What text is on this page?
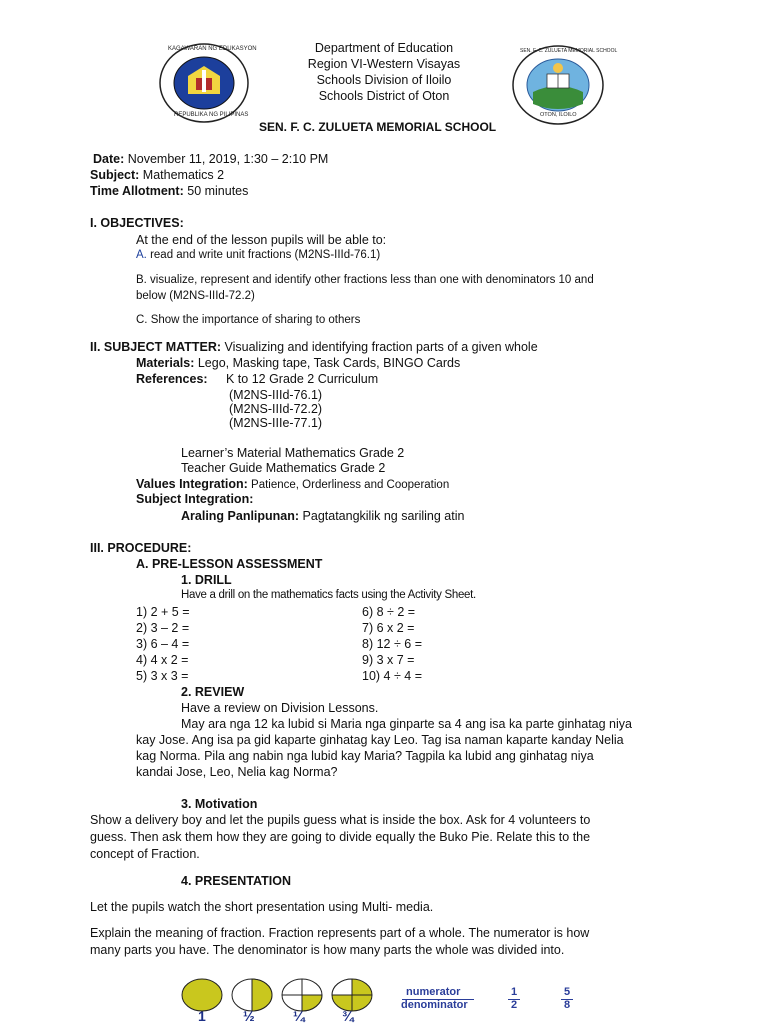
KAGAWARAN NG EDUKASYON
REPUBLIKA NG PILIPINAS
SEN. F. C. ZULUETA MEMORIAL SCHOOL
OTON, ILOILO
Department of Education
Region VI-Western Visayas
Schools Division of Iloilo
Schools District of Oton
SEN. F. C. ZULUETA MEMORIAL SCHOOL
Date: November 11, 2019, 1:30 – 2:10 PM
Subject: Mathematics 2
Time Allotment: 50 minutes
I. OBJECTIVES:
At the end of the lesson pupils will be able to:
A. read and write unit fractions (M2NS-IIId-76.1)
B. visualize, represent and identify other fractions less than one with denominators 10 and
below (M2NS-IIId-72.2)
C. Show the importance of sharing to others
II. SUBJECT MATTER: Visualizing and identifying fraction parts of a given whole
Materials: Lego, Masking tape, Task Cards, BINGO Cards
References: K to 12 Grade 2 Curriculum
(M2NS-IIId-76.1)
(M2NS-IIId-72.2)
(M2NS-IIIe-77.1)
Learner’s Material Mathematics Grade 2
Teacher Guide Mathematics Grade 2
Values Integration: Patience, Orderliness and Cooperation
Subject Integration:
Araling Panlipunan: Pagtatangkilik ng sariling atin
III. PROCEDURE:
A. PRE-LESSON ASSESSMENT
1. DRILL
Have a drill on the mathematics facts using the Activity Sheet.
1) 2 + 5 =
2) 3 – 2 =
3) 6 – 4 =
4) 4 x 2 =
5) 3 x 3 =
6) 8 ÷ 2 =
7) 6 x 2 =
8) 12 ÷ 6 =
9) 3 x 7 =
10) 4 ÷ 4 =
2. REVIEW
Have a review on Division Lessons.
May ara nga 12 ka lubid si Maria nga ginparte sa 4 ang isa ka parte ginhatag niya
kay Jose. Ang isa pa gid kaparte ginhatag kay Leo. Tag isa naman kaparte kanday Nelia
kag Norma. Pila ang nabin nga lubid kay Maria? Tagpila ka lubid ang ginhatag niya
kandai Jose, Leo, Nelia kag Norma?
3. Motivation
Show a delivery boy and let the pupils guess what is inside the box. Ask for 4 volunteers to
guess. Then ask them how they are going to divide equally the Buko Pie. Relate this to the
concept of Fraction.
4. PRESENTATION
Let the pupils watch the short presentation using Multi- media.
Explain the meaning of fraction. Fraction represents part of a whole. The numerator is how
many parts you have. The denominator is how many parts the whole was divided into.
1	½	¼	¾
numerator
denominator
1
2
5
8
